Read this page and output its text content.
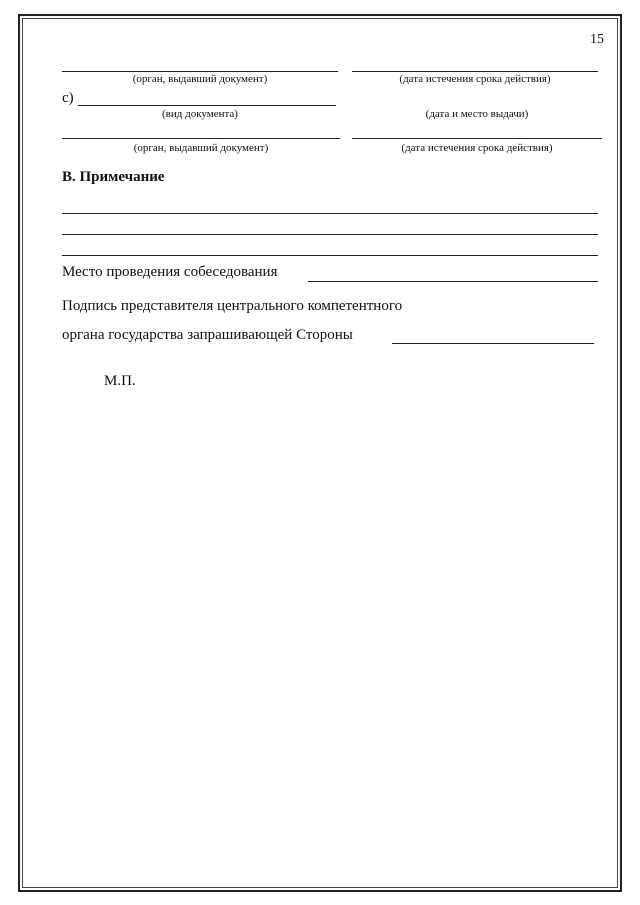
15
(орган, выдавший документ)	(дата истечения срока действия)
c)
(вид документа)	(дата и место выдачи)
(орган, выдавший документ)	(дата истечения срока действия)
В. Примечание
Место проведения собеседования
Подпись представителя центрального компетентного
органа государства запрашивающей Стороны
М.П.
